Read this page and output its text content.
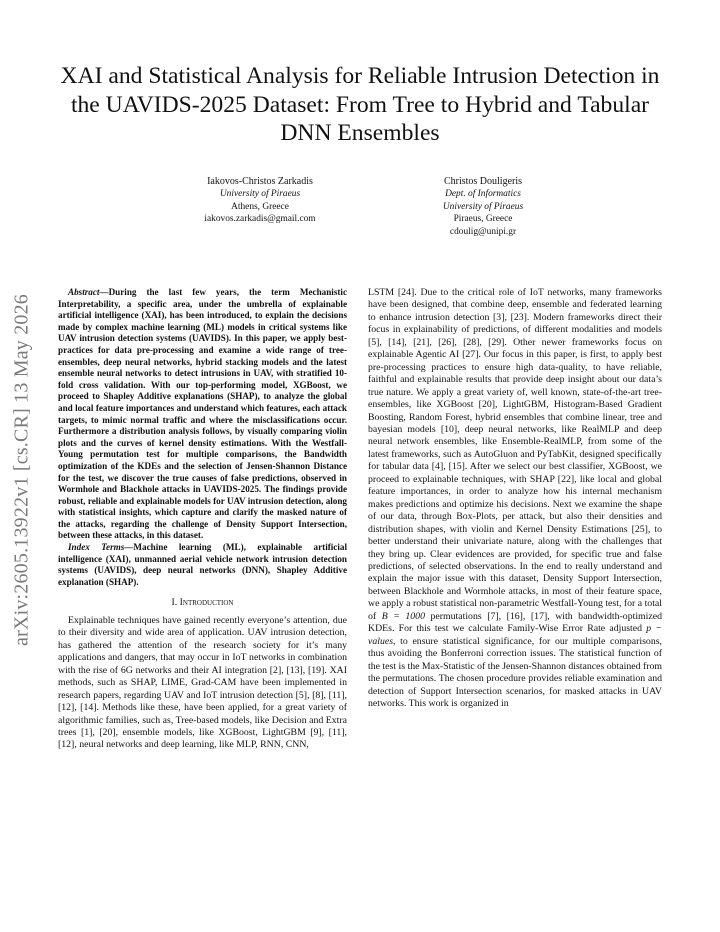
arXiv:2605.13922v1 [cs.CR] 13 May 2026
XAI and Statistical Analysis for Reliable Intrusion Detection in the UAVIDS-2025 Dataset: From Tree to Hybrid and Tabular DNN Ensembles
Iakovos-Christos Zarkadis
University of Piraeus
Athens, Greece
iakovos.zarkadis@gmail.com
Christos Douligeris
Dept. of Informatics
University of Piraeus
Piraeus, Greece
cdoulig@unipi.gr

Abstract—During the last few years, the term Mechanistic Interpretability, a specific area, under the umbrella of explainable artificial intelligence (XAI), has been introduced, to explain the decisions made by complex machine learning (ML) models in critical systems like UAV intrusion detection systems (UAVIDS). In this paper, we apply best-practices for data pre-processing and examine a wide range of tree-ensembles, deep neural networks, hybrid stacking models and the latest ensemble neural networks to detect intrusions in UAV, with stratified 10-fold cross validation. With our top-performing model, XGBoost, we proceed to Shapley Additive explanations (SHAP), to analyze the global and local feature importances and understand which features, each attack targets, to mimic normal traffic and where the misclassifications occur. Furthermore a distribution analysis follows, by visually comparing violin plots and the curves of kernel density estimations. With the Westfall-Young permutation test for multiple comparisons, the Bandwidth optimization of the KDEs and the selection of Jensen-Shannon Distance for the test, we discover the true causes of false predictions, observed in Wormhole and Blackhole attacks in UAVIDS-2025. The findings provide robust, reliable and explainable models for UAV intrusion detection, along with statistical insights, which capture and clarify the masked nature of the attacks, regarding the challenge of Density Support Intersection, between these attacks, in this dataset.

Index Terms—Machine learning (ML), explainable artificial intelligence (XAI), unmanned aerial vehicle network intrusion detection systems (UAVIDS), deep neural networks (DNN), Shapley Additive explanation (SHAP).

I. Introduction

Explainable techniques have gained recently everyone’s attention, due to their diversity and wide area of application. UAV intrusion detection, has gathered the attention of the research society for it’s many applications and dangers, that may occur in IoT networks in combination with the rise of 6G networks and their AI integration [2], [13], [19]. XAI methods, such as SHAP, LIME, Grad-CAM have been implemented in research papers, regarding UAV and IoT intrusion detection [5], [8], [11], [12], [14]. Methods like these, have been applied, for a great variety of algorithmic families, such as, Tree-based models, like Decision and Extra trees [1], [20], ensemble models, like XGBoost, LightGBM [9], [11], [12], neural networks and deep learning, like MLP, RNN, CNN,

LSTM [24]. Due to the critical role of IoT networks, many frameworks have been designed, that combine deep, ensemble and federated learning to enhance intrusion detection [3], [23]. Modern frameworks direct their focus in explainability of predictions, of different modalities and models [5], [14], [21], [26], [28], [29]. Other newer frameworks focus on explainable Agentic AI [27]. Our focus in this paper, is first, to apply best pre-processing practices to ensure high data-quality, to have reliable, faithful and explainable results that provide deep insight about our data’s true nature. We apply a great variety of, well known, state-of-the-art tree-ensembles, like XGBoost [20], LightGBM, Histogram-Based Gradient Boosting, Random Forest, hybrid ensembles that combine linear, tree and bayesian models [10], deep neural networks, like RealMLP and deep neural network ensembles, like Ensemble-RealMLP, from some of the latest frameworks, such as AutoGluon and PyTabKit, designed specifically for tabular data [4], [15]. After we select our best classifier, XGBoost, we proceed to explainable techniques, with SHAP [22], like local and global feature importances, in order to analyze how his internal mechanism makes predictions and optimize his decisions. Next we examine the shape of our data, through Box-Plots, per attack, but also their densities and distribution shapes, with violin and Kernel Density Estimations [25], to better understand their univariate nature, along with the challenges that they bring up. Clear evidences are provided, for specific true and false predictions, of selected observations. In the end to really understand and explain the major issue with this dataset, Density Support Intersection, between Blackhole and Wormhole attacks, in most of their feature space, we apply a robust statistical non-parametric Westfall-Young test, for a total of B = 1000 permutations [7], [16], [17], with bandwidth-optimized KDEs. For this test we calculate Family-Wise Error Rate adjusted p − values, to ensure statistical significance, for our multiple comparisons, thus avoiding the Bonferroni correction issues. The statistical function of the test is the Max-Statistic of the Jensen-Shannon distances obtained from the permutations. The chosen procedure provides reliable examination and detection of Support Intersection scenarios, for masked attacks in UAV networks. This work is organized in
